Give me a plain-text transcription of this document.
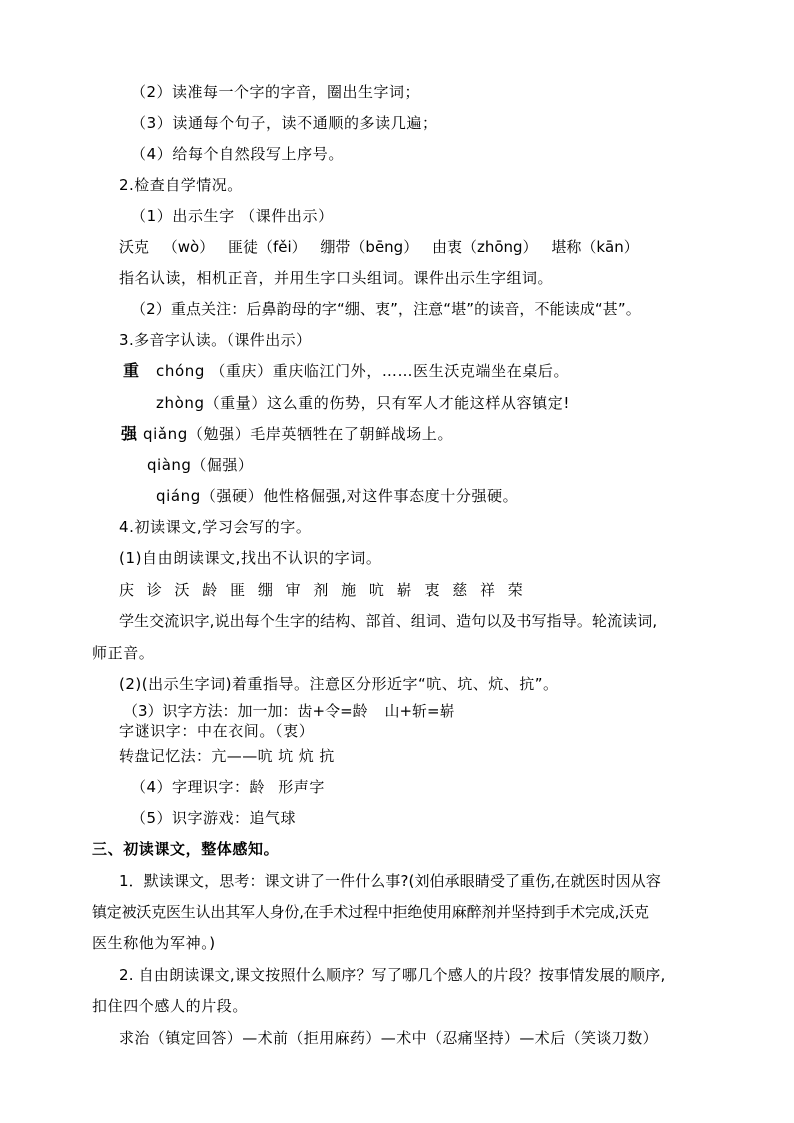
（2）读准每一个字的字音，圈出生字词；
（3）读通每个句子，读不通顺的多读几遍；
（4）给每个自然段写上序号。
2.检查自学情况。
（1）出示生字 （课件出示）
沃克 （wò） 匪徒（fěi） 绷带（bēng） 由衷（zhōng） 堪称（kān）
指名认读，相机正音，并用生字口头组词。课件出示生字组词。
（2）重点关注：后鼻韵母的字“绷、衷”，注意“堪”的读音，不能读成“甚”。
3.多音字认读。（课件出示）
重 chóng （重庆）重庆临江门外，……医生沃克端坐在桌后。
zhòng（重量）这么重的伤势，只有军人才能这样从容镇定!
强 qiǎng（勉强）毛岸英牺牲在了朝鲜战场上。
qiàng（倔强）
qiáng（强硬）他性格倔强,对这件事态度十分强硬。
4.初读课文,学习会写的字。
(1)自由朗读课文,找出不认识的字词。
庆 诊 沃 龄 匪 绷 审 剂 施 吭 崭 衷 慈 祥 荣
学生交流识字,说出每个生字的结构、部首、组词、造句以及书写指导。轮流读词,
师正音。
(2)(出示生字词)着重指导。注意区分形近字“吭、坑、炕、抗”。
（3）识字方法：加一加：齿+令=龄 山+斩=崭
字谜识字：中在衣间。（衷）
转盘记忆法：亢——吭 坑 炕 抗
（4）字理识字：龄 形声字
（5）识字游戏：追气球
三、初读课文，整体感知。
1．默读课文，思考：课文讲了一件什么事?(刘伯承眼睛受了重伤,在就医时因从容
镇定被沃克医生认出其军人身份,在手术过程中拒绝使用麻醉剂并坚持到手术完成,沃克
医生称他为军神。)
2. 自由朗读课文,课文按照什么顺序？写了哪几个感人的片段？按事情发展的顺序,
扣住四个感人的片段。
求治（镇定回答）—术前（拒用麻药）—术中（忍痛坚持）—术后（笑谈刀数）
